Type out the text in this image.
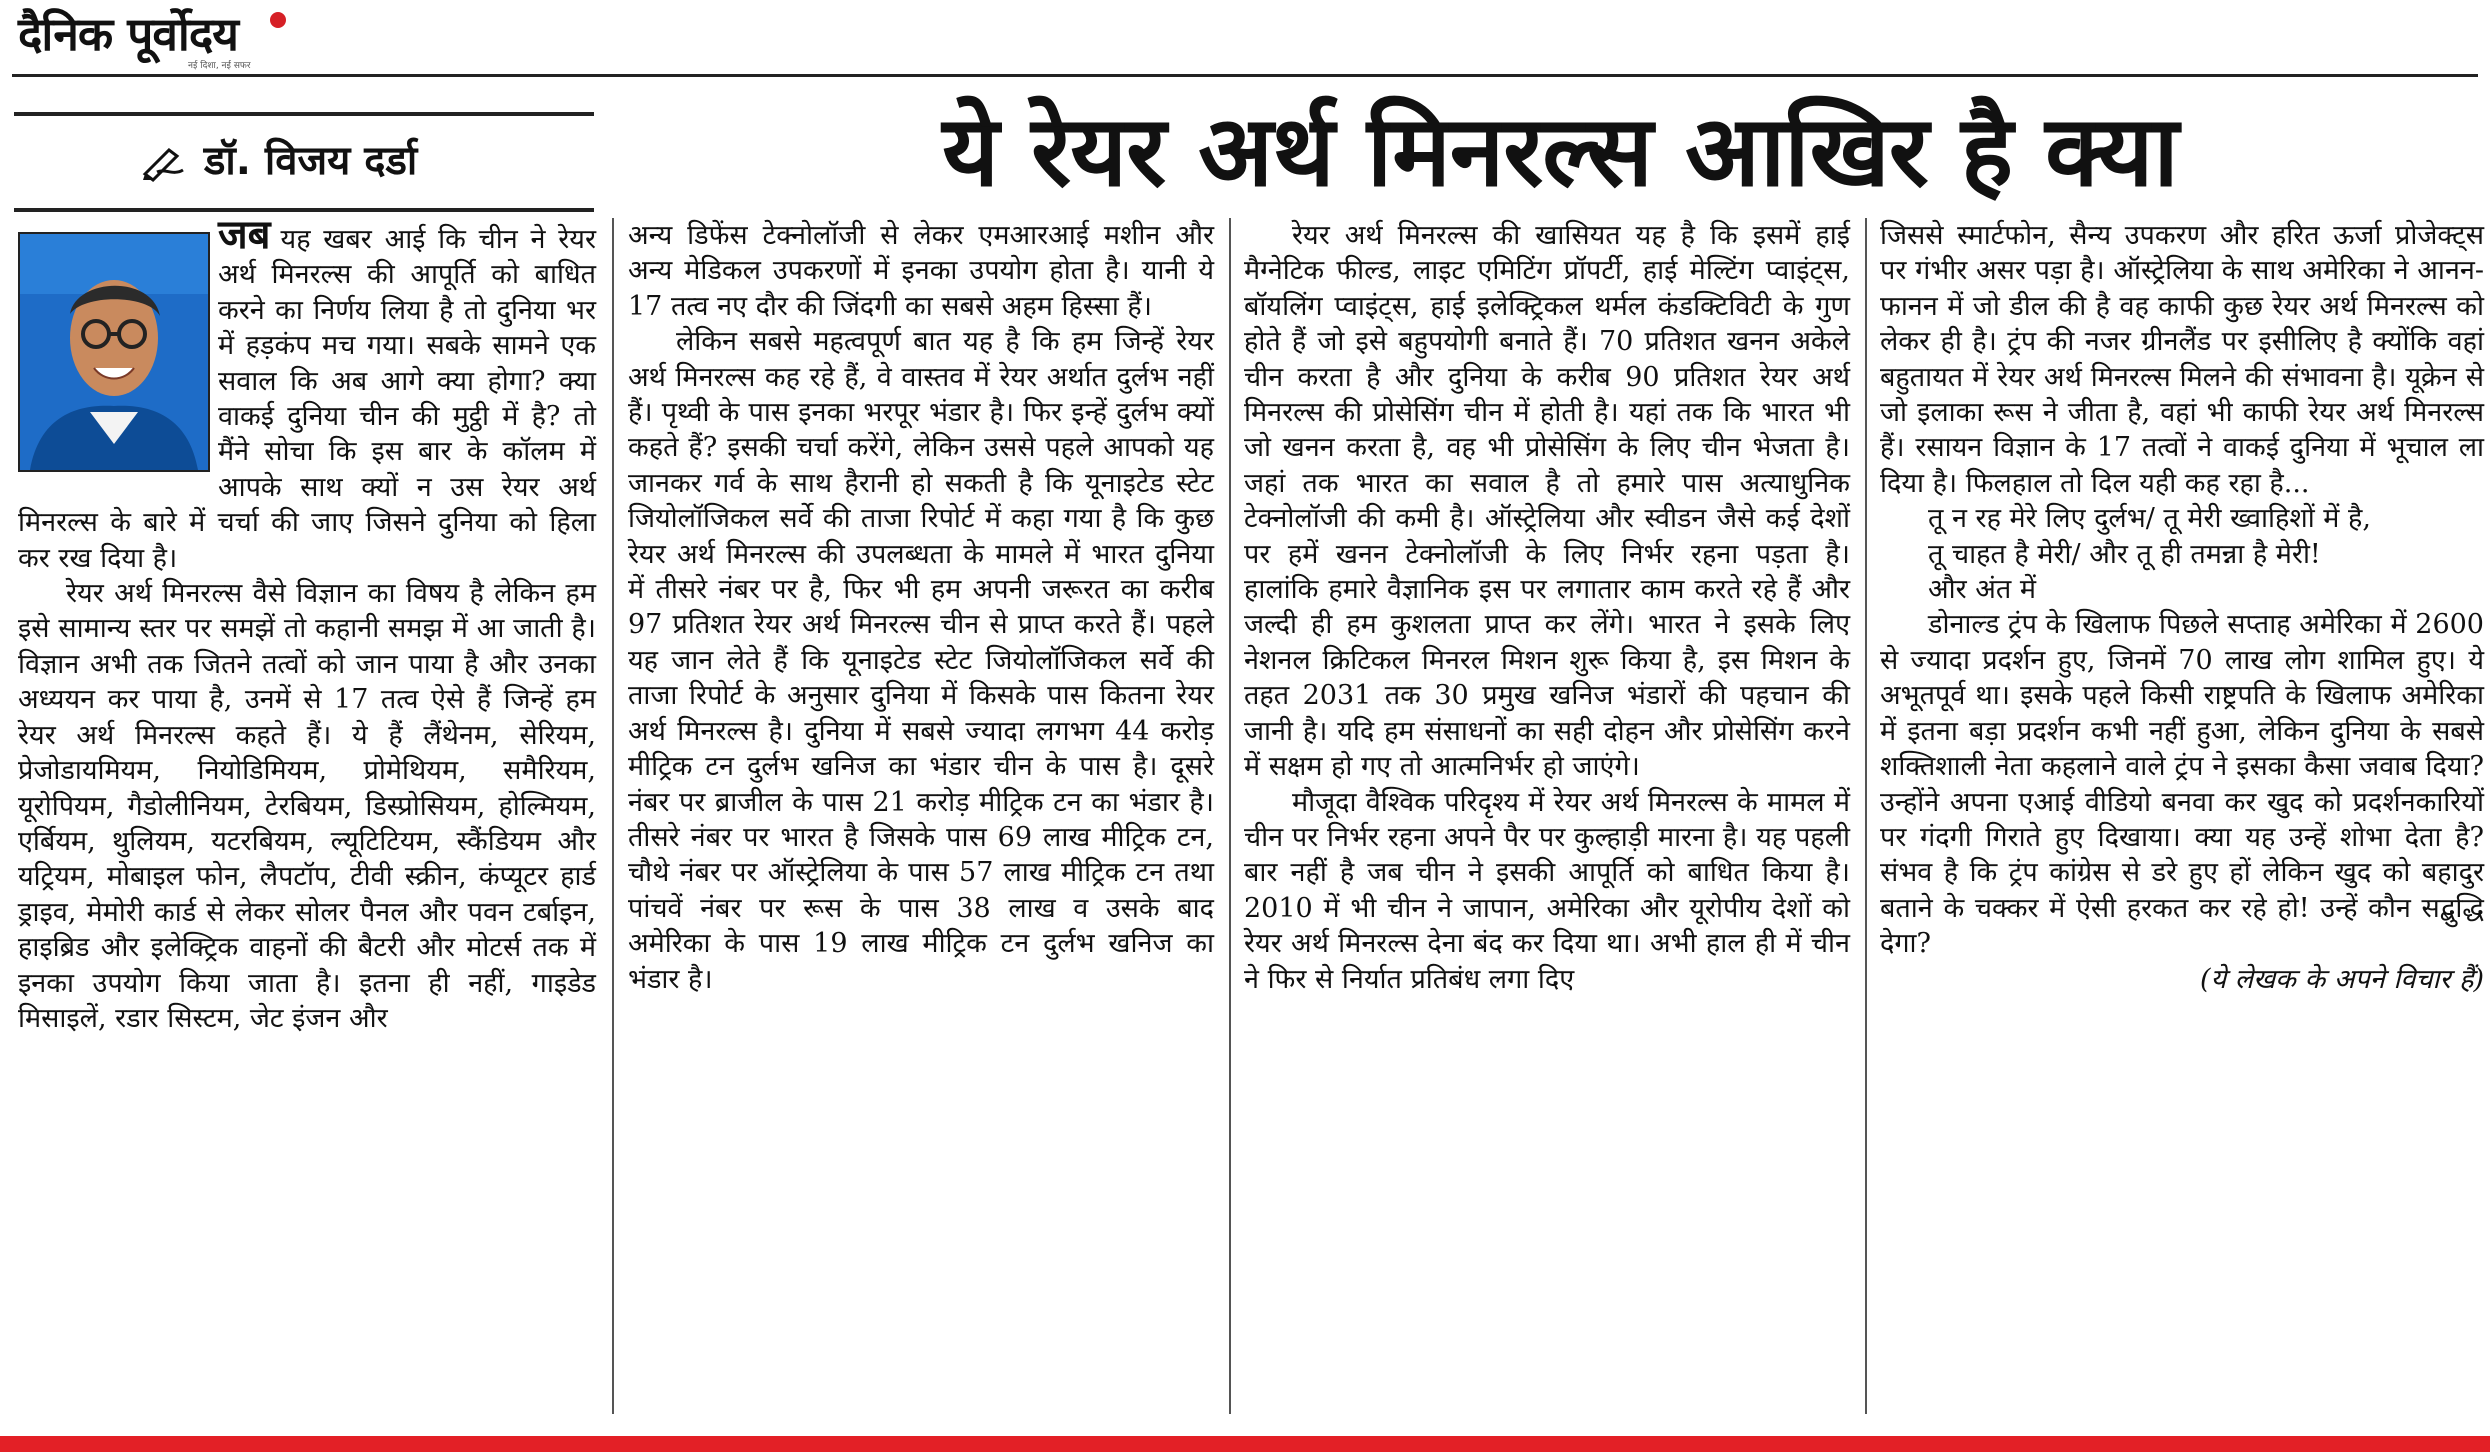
दैनिक पूर्वोदय
नई दिशा, नई सफर
डॉ. विजय दर्डा	ये रेयर अर्थ मिनरल्स आखिर है क्या

जब यह खबर आई कि चीन ने रेयर अर्थ मिनरल्स की आपूर्ति को बाधित करने का निर्णय लिया है तो दुनिया भर में हड़कंप मच गया। सबके सामने एक सवाल कि अब आगे क्या होगा? क्या वाकई दुनिया चीन की मुट्ठी में है? तो मैंने सोचा कि इस बार के कॉलम में आपके साथ क्यों न उस रेयर अर्थ मिनरल्स के बारे में चर्चा की जाए जिसने दुनिया को हिला कर रख दिया है।

रेयर अर्थ मिनरल्स वैसे विज्ञान का विषय है लेकिन हम इसे सामान्य स्तर पर समझें तो कहानी समझ में आ जाती है। विज्ञान अभी तक जितने तत्वों को जान पाया है और उनका अध्ययन कर पाया है, उनमें से 17 तत्व ऐसे हैं जिन्हें हम रेयर अर्थ मिनरल्स कहते हैं। ये हैं लैंथेनम, सेरियम, प्रेजोडायमियम, नियोडिमियम, प्रोमेथियम, समैरियम, यूरोपियम, गैडोलीनियम, टेरबियम, डिस्प्रोसियम, होल्मियम, एर्बियम, थुलियम, यटरबियम, ल्यूटिटियम, स्कैंडियम और यट्रियम, मोबाइल फोन, लैपटॉप, टीवी स्क्रीन, कंप्यूटर हार्ड ड्राइव, मेमोरी कार्ड से लेकर सोलर पैनल और पवन टर्बाइन, हाइब्रिड और इलेक्ट्रिक वाहनों की बैटरी और मोटर्स तक में इनका उपयोग किया जाता है। इतना ही नहीं, गाइडेड मिसाइलें, रडार सिस्टम, जेट इंजन और

अन्य डिफेंस टेक्नोलॉजी से लेकर एमआरआई मशीन और अन्य मेडिकल उपकरणों में इनका उपयोग होता है। यानी ये 17 तत्व नए दौर की जिंदगी का सबसे अहम हिस्सा हैं।

लेकिन सबसे महत्वपूर्ण बात यह है कि हम जिन्हें रेयर अर्थ मिनरल्स कह रहे हैं, वे वास्तव में रेयर अर्थात दुर्लभ नहीं हैं। पृथ्वी के पास इनका भरपूर भंडार है। फिर इन्हें दुर्लभ क्यों कहते हैं? इसकी चर्चा करेंगे, लेकिन उससे पहले आपको यह जानकर गर्व के साथ हैरानी हो सकती है कि यूनाइटेड स्टेट जियोलॉजिकल सर्वे की ताजा रिपोर्ट में कहा गया है कि कुछ रेयर अर्थ मिनरल्स की उपलब्धता के मामले में भारत दुनिया में तीसरे नंबर पर है, फिर भी हम अपनी जरूरत का करीब 97 प्रतिशत रेयर अर्थ मिनरल्स चीन से प्राप्त करते हैं। पहले यह जान लेते हैं कि यूनाइटेड स्टेट जियोलॉजिकल सर्वे की ताजा रिपोर्ट के अनुसार दुनिया में किसके पास कितना रेयर अर्थ मिनरल्स है। दुनिया में सबसे ज्यादा लगभग 44 करोड़ मीट्रिक टन दुर्लभ खनिज का भंडार चीन के पास है। दूसरे नंबर पर ब्राजील के पास 21 करोड़ मीट्रिक टन का भंडार है। तीसरे नंबर पर भारत है जिसके पास 69 लाख मीट्रिक टन, चौथे नंबर पर ऑस्ट्रेलिया के पास 57 लाख मीट्रिक टन तथा पांचवें नंबर पर रूस के पास 38 लाख व उसके बाद अमेरिका के पास 19 लाख मीट्रिक टन दुर्लभ खनिज का भंडार है।

रेयर अर्थ मिनरल्स की खासियत यह है कि इसमें हाई मैग्नेटिक फील्ड, लाइट एमिटिंग प्रॉपर्टी, हाई मेल्टिंग प्वाइंट्स, बॉयलिंग प्वाइंट्स, हाई इलेक्ट्रिकल थर्मल कंडक्टिविटी के गुण होते हैं जो इसे बहुपयोगी बनाते हैं। 70 प्रतिशत खनन अकेले चीन करता है और दुनिया के करीब 90 प्रतिशत रेयर अर्थ मिनरल्स की प्रोसेसिंग चीन में होती है। यहां तक कि भारत भी जो खनन करता है, वह भी प्रोसेसिंग के लिए चीन भेजता है। जहां तक भारत का सवाल है तो हमारे पास अत्याधुनिक टेक्नोलॉजी की कमी है। ऑस्ट्रेलिया और स्वीडन जैसे कई देशों पर हमें खनन टेक्नोलॉजी के लिए निर्भर रहना पड़ता है। हालांकि हमारे वैज्ञानिक इस पर लगातार काम करते रहे हैं और जल्दी ही हम कुशलता प्राप्त कर लेंगे। भारत ने इसके लिए नेशनल क्रिटिकल मिनरल मिशन शुरू किया है, इस मिशन के तहत 2031 तक 30 प्रमुख खनिज भंडारों की पहचान की जानी है। यदि हम संसाधनों का सही दोहन और प्रोसेसिंग करने में सक्षम हो गए तो आत्मनिर्भर हो जाएंगे।

मौजूदा वैश्विक परिदृश्य में रेयर अर्थ मिनरल्स के मामल में चीन पर निर्भर रहना अपने पैर पर कुल्हाड़ी मारना है। यह पहली बार नहीं है जब चीन ने इसकी आपूर्ति को बाधित किया है। 2010 में भी चीन ने जापान, अमेरिका और यूरोपीय देशों को रेयर अर्थ मिनरल्स देना बंद कर दिया था। अभी हाल ही में चीन ने फिर से निर्यात प्रतिबंध लगा दिए

जिससे स्मार्टफोन, सैन्य उपकरण और हरित ऊर्जा प्रोजेक्ट्स पर गंभीर असर पड़ा है। ऑस्ट्रेलिया के साथ अमेरिका ने आनन-फानन में जो डील की है वह काफी कुछ रेयर अर्थ मिनरल्स को लेकर ही है। ट्रंप की नजर ग्रीनलैंड पर इसीलिए है क्योंकि वहां बहुतायत में रेयर अर्थ मिनरल्स मिलने की संभावना है। यूक्रेन से जो इलाका रूस ने जीता है, वहां भी काफी रेयर अर्थ मिनरल्स हैं। रसायन विज्ञान के 17 तत्वों ने वाकई दुनिया में भूचाल ला दिया है। फिलहाल तो दिल यही कह रहा है...

तू न रह मेरे लिए दुर्लभ/ तू मेरी ख्वाहिशों में है,

तू चाहत है मेरी/ और तू ही तमन्ना है मेरी!

और अंत में

डोनाल्ड ट्रंप के खिलाफ पिछले सप्ताह अमेरिका में 2600 से ज्यादा प्रदर्शन हुए, जिनमें 70 लाख लोग शामिल हुए। ये अभूतपूर्व था। इसके पहले किसी राष्ट्रपति के खिलाफ अमेरिका में इतना बड़ा प्रदर्शन कभी नहीं हुआ, लेकिन दुनिया के सबसे शक्तिशाली नेता कहलाने वाले ट्रंप ने इसका कैसा जवाब दिया? उन्होंने अपना एआई वीडियो बनवा कर खुद को प्रदर्शनकारियों पर गंदगी गिराते हुए दिखाया। क्या यह उन्हें शोभा देता है? संभव है कि ट्रंप कांग्रेस से डरे हुए हों लेकिन खुद को बहादुर बताने के चक्कर में ऐसी हरकत कर रहे हो! उन्हें कौन सद्बुद्धि देगा?

(ये लेखक के अपने विचार हैं)
